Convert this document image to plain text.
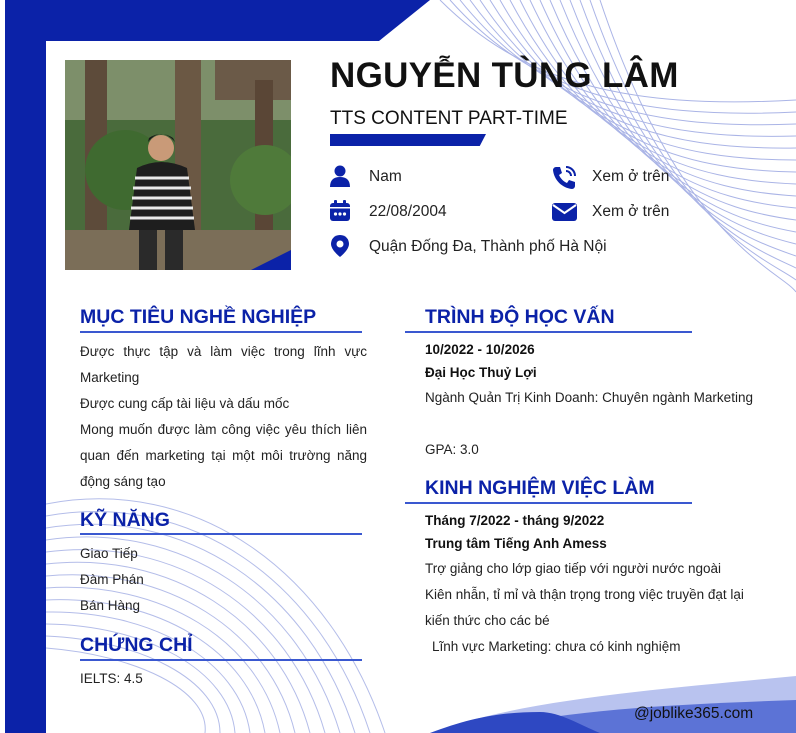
NGUYỄN TÙNG LÂM
TTS CONTENT PART-TIME
Nam
22/08/2004
Quận Đống Đa, Thành phố Hà Nội
Xem ở trên
Xem ở trên
MỤC TIÊU NGHỀ NGHIỆP
Được thực tập và làm việc trong lĩnh vực Marketing
Được cung cấp tài liệu và dấu mốc
Mong muốn được làm công việc yêu thích liên quan đến marketing tại một môi trường năng động sáng tạo
KỸ NĂNG
Giao Tiếp
Đàm Phán
Bán Hàng
CHỨNG CHỈ
IELTS: 4.5
TRÌNH ĐỘ HỌC VẤN
10/2022 - 10/2026
Đại Học Thuỷ Lợi
Ngành Quản Trị Kinh Doanh: Chuyên ngành Marketing
GPA: 3.0
KINH NGHIỆM VIỆC LÀM
Tháng 7/2022 - tháng 9/2022
Trung tâm Tiếng Anh Amess
Trợ giảng cho lớp giao tiếp với người nước ngoài
Kiên nhẫn, tỉ mỉ và thận trọng trong việc truyền đạt lại kiến thức cho các bé
Lĩnh vực Marketing: chưa có kinh nghiệm
@joblike365.com
